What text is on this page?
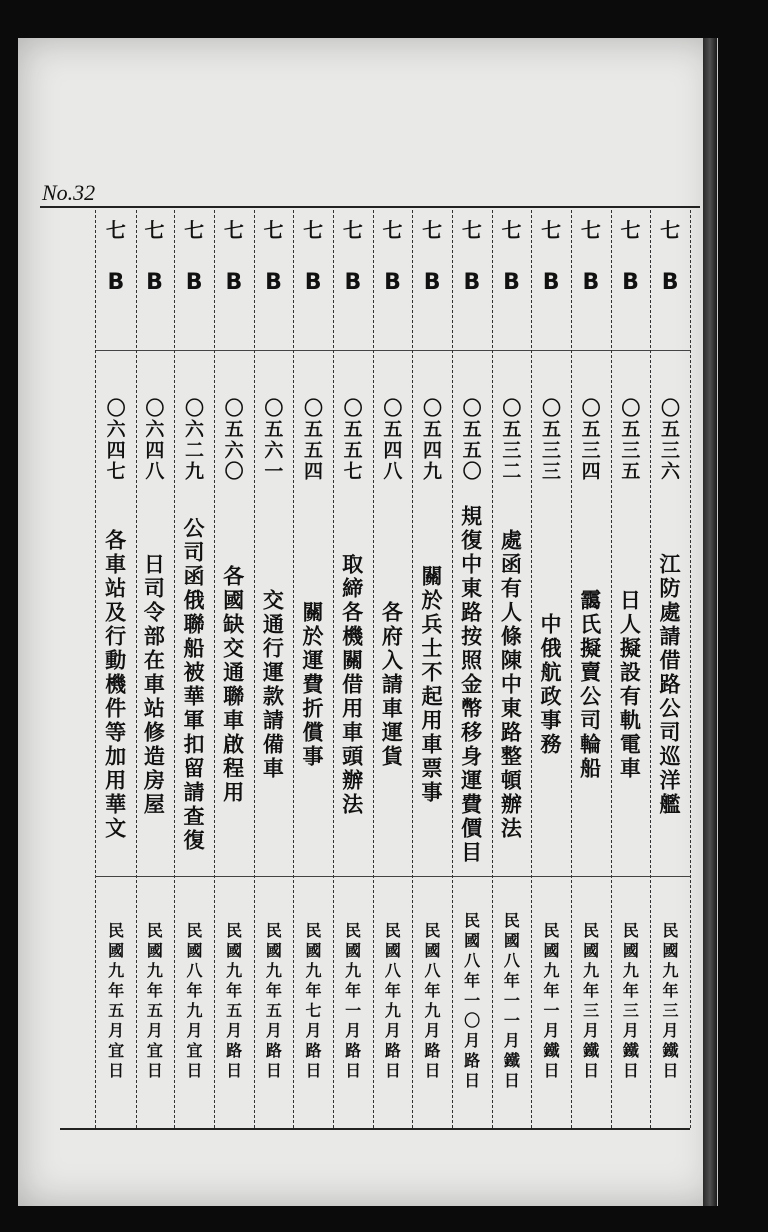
No.32
七
B
〇六四七
各車站及行動機件等加用華文
民國九年五月宜日
七
B
〇六四八
日司令部在車站修造房屋
民國九年五月宜日
七
B
〇六二九
公司函俄聯船被華軍扣留請查復
民國八年九月宜日
七
B
〇五六〇
各國缺交通聯車啟程用
民國九年五月路日
七
B
〇五六一
交通行運款請備車
民國九年五月路日
七
B
〇五五四
關於運費折償事
民國九年七月路日
七
B
〇五五七
取締各機關借用車頭辦法
民國九年一月路日
七
B
〇五四八
各府入請車運貨
民國八年九月路日
七
B
〇五四九
關於兵士不起用車票事
民國八年九月路日
七
B
〇五五〇
規復中東路按照金幣移身運費價目
民國八年一〇月路日
七
B
〇五三二
處函有人條陳中東路整頓辦法
民國八年一一月鐵日
七
B
〇五三三
中俄航政事務
民國九年一月鐵日
七
B
〇五三四
靄氏擬賣公司輪船
民國九年三月鐵日
七
B
〇五三五
日人擬設有軌電車
民國九年三月鐵日
七
B
〇五三六
江防處請借路公司巡洋艦
民國九年三月鐵日
